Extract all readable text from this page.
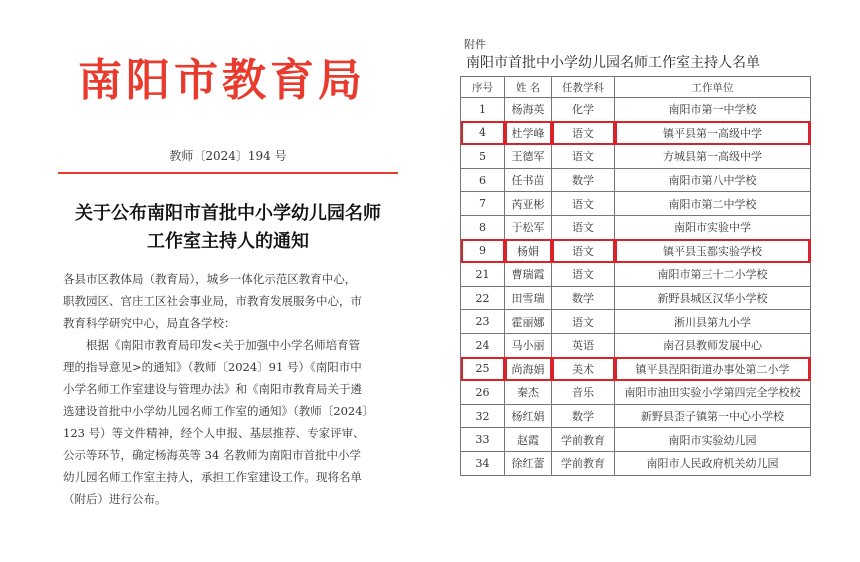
南阳市教育局
教师〔2024〕194 号
关于公布南阳市首批中小学幼儿园名师
工作室主持人的通知

各县市区教体局（教育局），城乡一体化示范区教育中心，

职教园区、官庄工区社会事业局，市教育发展服务中心，市

教育科学研究中心，局直各学校：

根据《南阳市教育局印发<关于加强中小学名师培育管

理的指导意见>的通知》（教师〔2024〕91 号）《南阳市中

小学名师工作室建设与管理办法》和《南阳市教育局关于遴

选建设首批中小学幼儿园名师工作室的通知》（教师〔2024〕

123 号）等文件精神，经个人申报、基层推荐、专家评审、

公示等环节，确定杨海英等 34 名教师为南阳市首批中小学

幼儿园名师工作室主持人，承担工作室建设工作。现将名单

（附后）进行公布。

附件
南阳市首批中小学幼儿园名师工作室主持人名单
序号	姓 名	任教学科	工作单位
1	杨海英	化学	南阳市第一中学校
4	杜学峰	语文	镇平县第一高级中学
5	王德军	语文	方城县第一高级中学
6	任书苗	数学	南阳市第八中学校
7	芮亚彬	语文	南阳市第二中学校
8	于松军	语文	南阳市实验中学
9	杨娟	语文	镇平县玉都实验学校
21	曹瑞霞	语文	南阳市第三十二小学校
22	田雪瑞	数学	新野县城区汉华小学校
23	霍丽娜	语文	淅川县第九小学
24	马小丽	英语	南召县教师发展中心
25	尚海娟	美术	镇平县涅阳街道办事处第二小学
26	秦杰	音乐	南阳市油田实验小学第四完全学校校
32	杨红娟	数学	新野县歪子镇第一中心小学校
33	赵霞	学前教育	南阳市实验幼儿园
34	徐红蕾	学前教育	南阳市人民政府机关幼儿园
